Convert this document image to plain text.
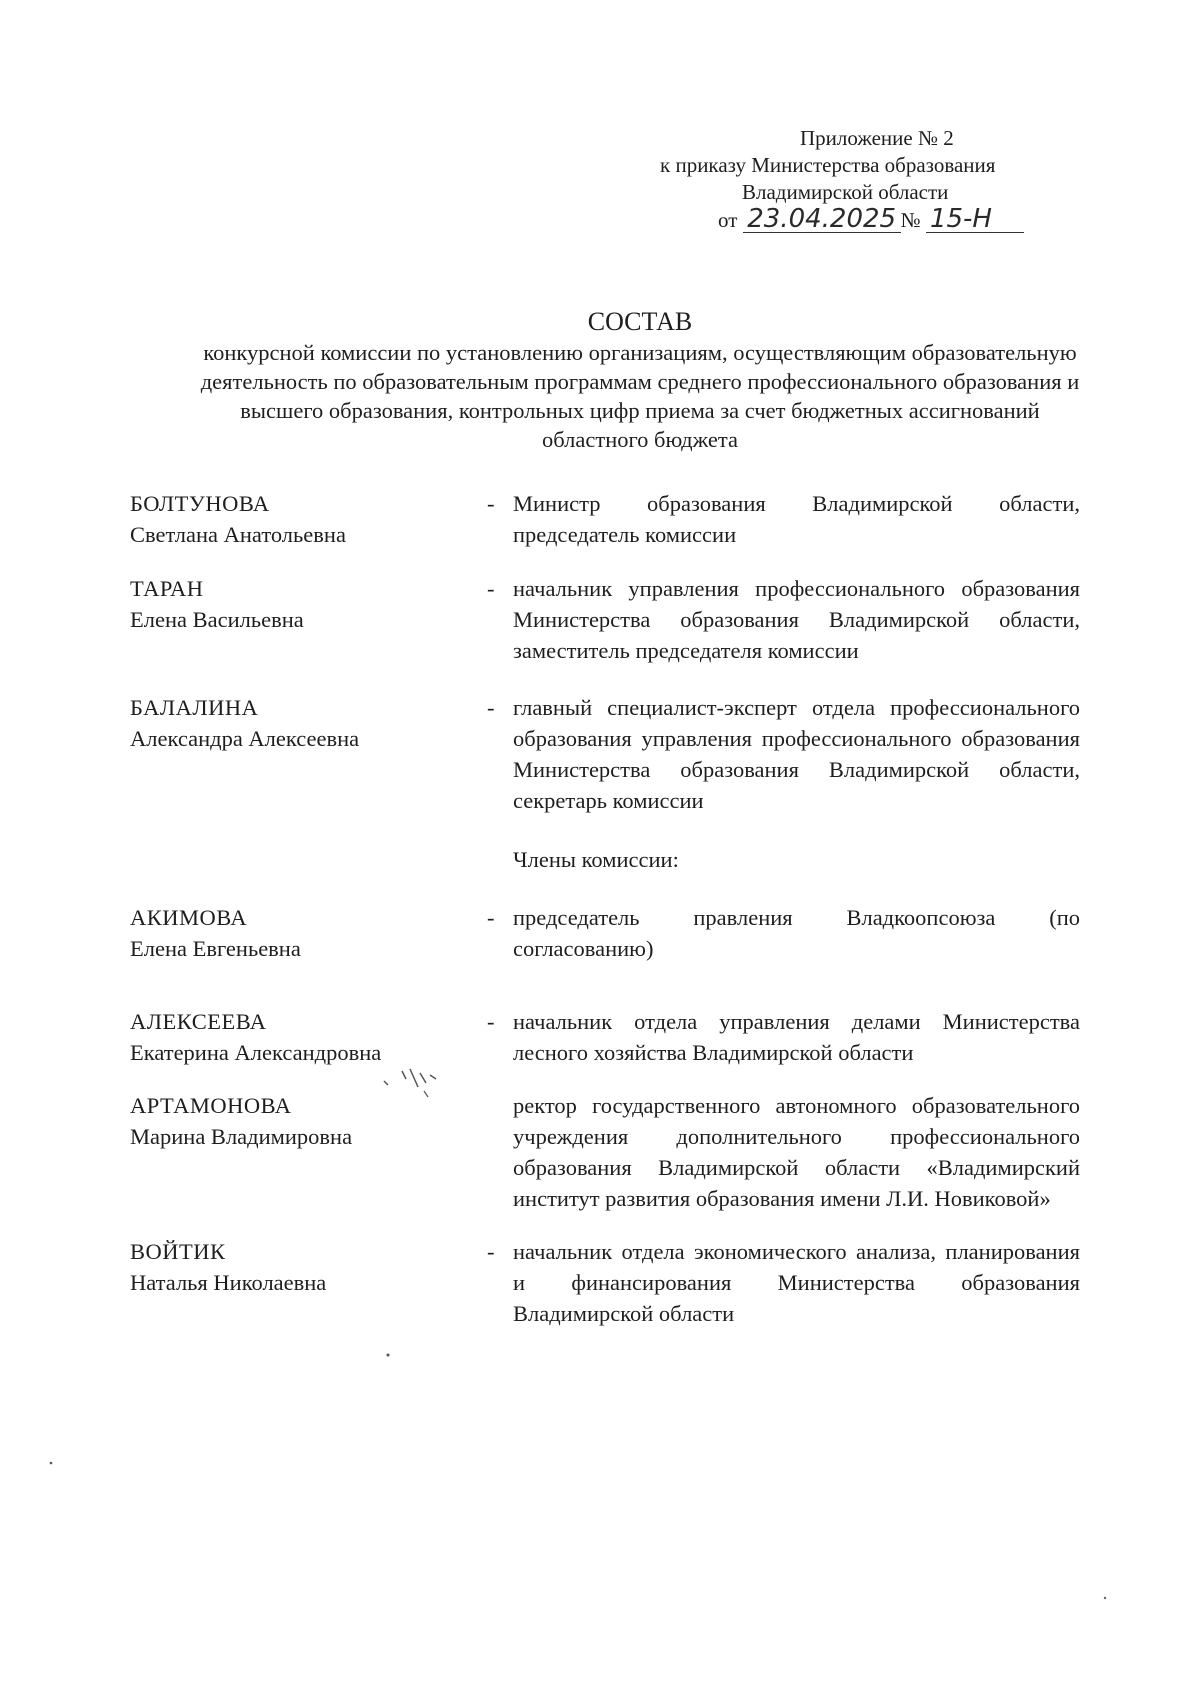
Приложение № 2
к приказу Министерства образования
Владимирской области
от 23.04.2025 № 15-Н
СОСТАВ
конкурсной комиссии по установлению организациям, осуществляющим образовательную деятельность по образовательным программам среднего профессионального образования и высшего образования, контрольных цифр приема за счет бюджетных ассигнований областного бюджета
БОЛТУНОВА
Светлана Анатольевна
- Министр образования Владимирской области, председатель комиссии
ТАРАН
Елена Васильевна
- начальник управления профессионального образования Министерства образования Владимирской области, заместитель председателя комиссии
БАЛАЛИНА
Александра Алексеевна
- главный специалист-эксперт отдела профессионального образования управления профессионального образования Министерства образования Владимирской области, секретарь комиссии
Члены комиссии:
АКИМОВА
Елена Евгеньевна
- председатель правления Владкоопсоюза (по согласованию)
АЛЕКСЕЕВА
Екатерина Александровна
- начальник отдела управления делами Министерства лесного хозяйства Владимирской области
АРТАМОНОВА
Марина Владимировна
ректор государственного автономного образовательного учреждения дополнительного профессионального образования Владимирской области «Владимирский институт развития образования имени Л.И. Новиковой»
ВОЙТИК
Наталья Николаевна
- начальник отдела экономического анализа, планирования и финансирования Министерства образования Владимирской области
